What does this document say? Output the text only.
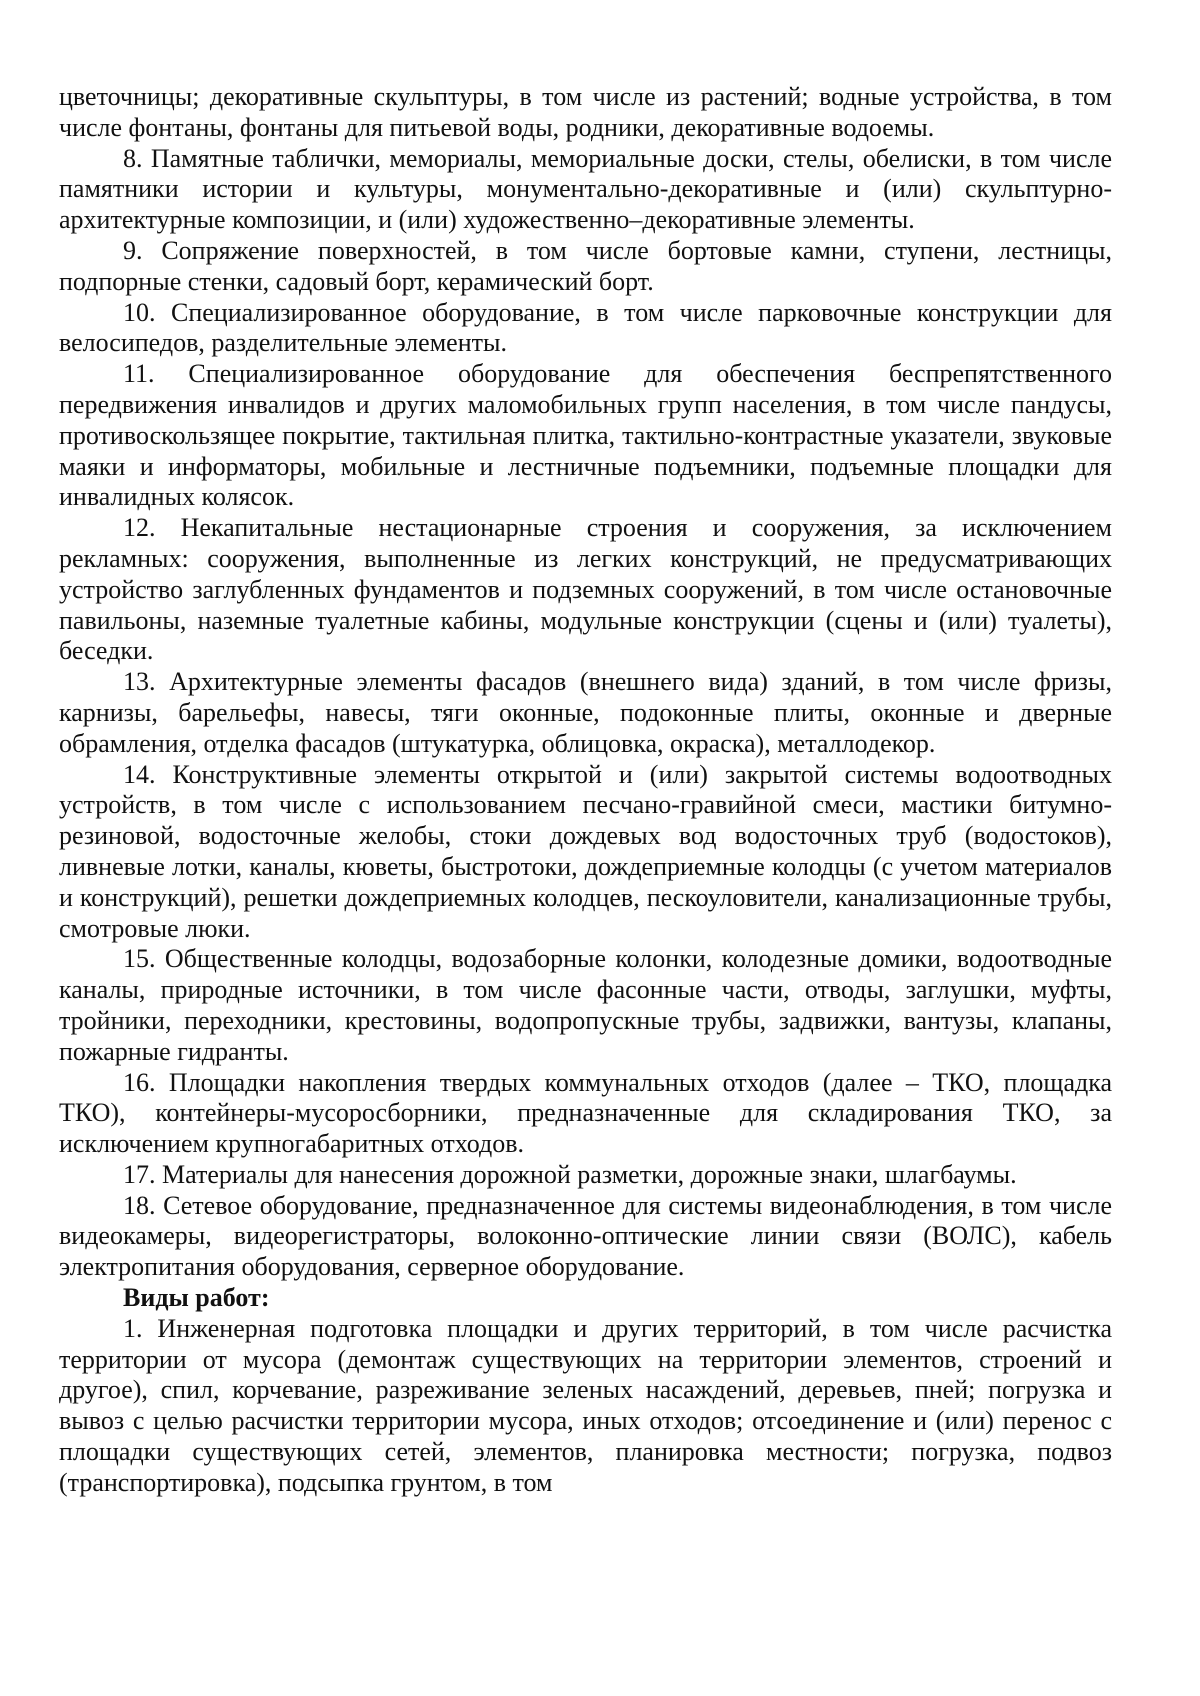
цветочницы; декоративные скульптуры, в том числе из растений; водные устройства, в том числе фонтаны, фонтаны для питьевой воды, родники, декоративные водоемы.

8. Памятные таблички, мемориалы, мемориальные доски, стелы, обелиски, в том числе памятники истории и культуры, монументально-декоративные и (или) скульптурно-архитектурные композиции, и (или) художественно–декоративные элементы.

9. Сопряжение поверхностей, в том числе бортовые камни, ступени, лестницы, подпорные стенки, садовый борт, керамический борт.

10. Специализированное оборудование, в том числе парковочные конструкции для велосипедов, разделительные элементы.

11. Специализированное оборудование для обеспечения беспрепятственного передвижения инвалидов и других маломобильных групп населения, в том числе пандусы, противоскользящее покрытие, тактильная плитка, тактильно-контрастные указатели, звуковые маяки и информаторы, мобильные и лестничные подъемники, подъемные площадки для инвалидных колясок.

12. Некапитальные нестационарные строения и сооружения, за исключением рекламных: сооружения, выполненные из легких конструкций, не предусматривающих устройство заглубленных фундаментов и подземных сооружений, в том числе остановочные павильоны, наземные туалетные кабины, модульные конструкции (сцены и (или) туалеты), беседки.

13. Архитектурные элементы фасадов (внешнего вида) зданий, в том числе фризы, карнизы, барельефы, навесы, тяги оконные, подоконные плиты, оконные и дверные обрамления, отделка фасадов (штукатурка, облицовка, окраска), металлодекор.

14. Конструктивные элементы открытой и (или) закрытой системы водоотводных устройств, в том числе с использованием песчано-гравийной смеси, мастики битумно-резиновой, водосточные желобы, стоки дождевых вод водосточных труб (водостоков), ливневые лотки, каналы, кюветы, быстротоки, дождеприемные колодцы (с учетом материалов и конструкций), решетки дождеприемных колодцев, пескоуловители, канализационные трубы, смотровые люки.

15. Общественные колодцы, водозаборные колонки, колодезные домики, водоотводные каналы, природные источники, в том числе фасонные части, отводы, заглушки, муфты, тройники, переходники, крестовины, водопропускные трубы, задвижки, вантузы, клапаны, пожарные гидранты.

16. Площадки накопления твердых коммунальных отходов (далее – ТКО, площадка ТКО), контейнеры-мусоросборники, предназначенные для складирования ТКО, за исключением крупногабаритных отходов.

17. Материалы для нанесения дорожной разметки, дорожные знаки, шлагбаумы.

18. Сетевое оборудование, предназначенное для системы видеонаблюдения, в том числе видеокамеры, видеорегистраторы, волоконно-оптические линии связи (ВОЛС), кабель электропитания оборудования, серверное оборудование.

Виды работ:

1. Инженерная подготовка площадки и других территорий, в том числе расчистка территории от мусора (демонтаж существующих на территории элементов, строений и другое), спил, корчевание, разреживание зеленых насаждений, деревьев, пней; погрузка и вывоз с целью расчистки территории мусора, иных отходов; отсоединение и (или) перенос с площадки существующих сетей, элементов, планировка местности; погрузка, подвоз (транспортировка), подсыпка грунтом, в том
